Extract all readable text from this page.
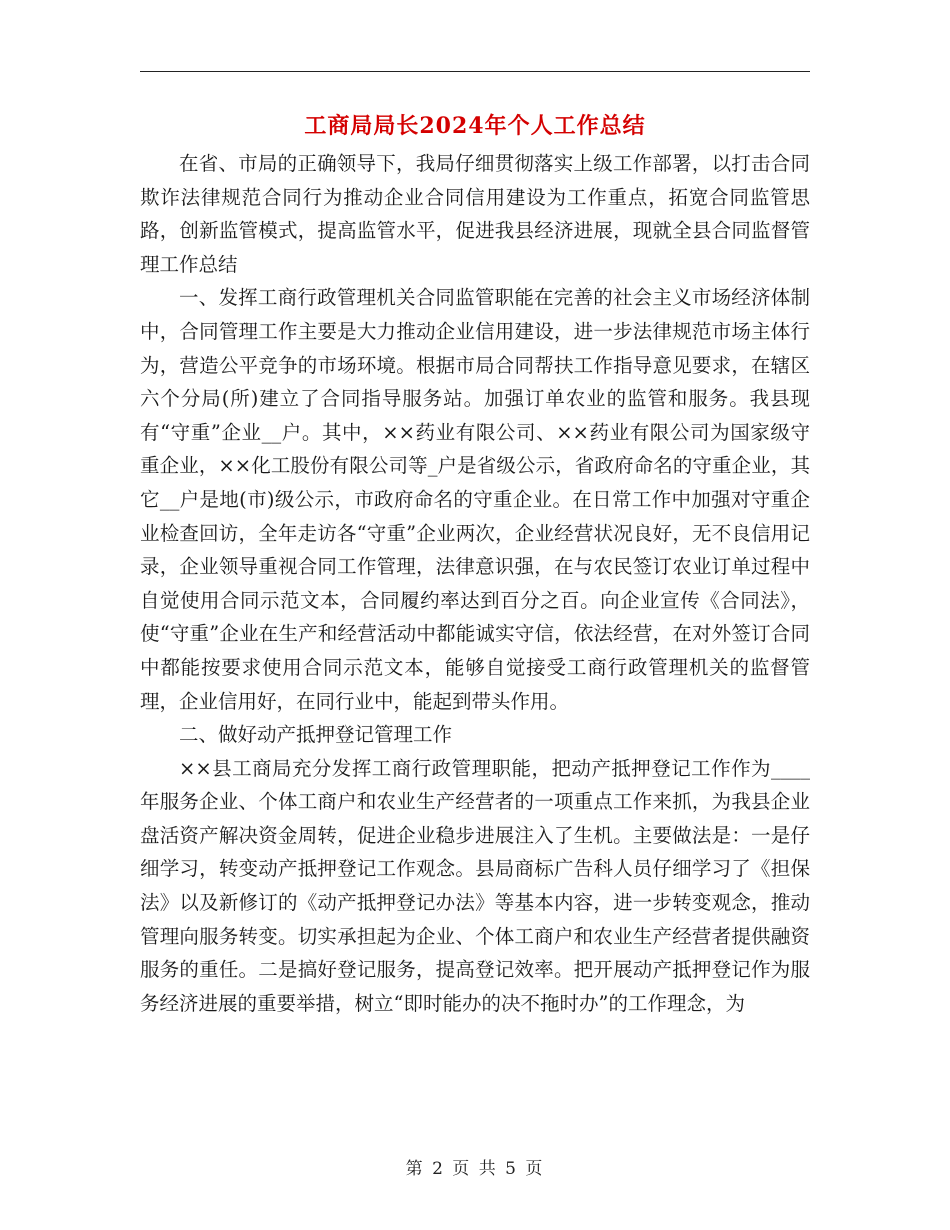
工商局局长2024年个人工作总结

在省、市局的正确领导下，我局仔细贯彻落实上级工作部署，以打击合同欺诈法律规范合同行为推动企业合同信用建设为工作重点，拓宽合同监管思路，创新监管模式，提高监管水平，促进我县经济进展，现就全县合同监督管理工作总结

一、发挥工商行政管理机关合同监管职能在完善的社会主义市场经济体制中，合同管理工作主要是大力推动企业信用建设，进一步法律规范市场主体行为，营造公平竞争的市场环境。根据市局合同帮扶工作指导意见要求，在辖区六个分局(所)建立了合同指导服务站。加强订单农业的监管和服务。我县现有“守重”企业__户。其中，××药业有限公司、××药业有限公司为国家级守重企业，××化工股份有限公司等_户是省级公示，省政府命名的守重企业，其它__户是地(市)级公示，市政府命名的守重企业。在日常工作中加强对守重企业检查回访，全年走访各“守重”企业两次，企业经营状况良好，无不良信用记录，企业领导重视合同工作管理，法律意识强，在与农民签订农业订单过程中自觉使用合同示范文本，合同履约率达到百分之百。向企业宣传《合同法》，使“守重”企业在生产和经营活动中都能诚实守信，依法经营，在对外签订合同中都能按要求使用合同示范文本，能够自觉接受工商行政管理机关的监督管理，企业信用好，在同行业中，能起到带头作用。

二、做好动产抵押登记管理工作

××县工商局充分发挥工商行政管理职能，把动产抵押登记工作作为____年服务企业、个体工商户和农业生产经营者的一项重点工作来抓，为我县企业盘活资产解决资金周转，促进企业稳步进展注入了生机。主要做法是：一是仔细学习，转变动产抵押登记工作观念。县局商标广告科人员仔细学习了《担保法》以及新修订的《动产抵押登记办法》等基本内容，进一步转变观念，推动管理向服务转变。切实承担起为企业、个体工商户和农业生产经营者提供融资服务的重任。二是搞好登记服务，提高登记效率。把开展动产抵押登记作为服务经济进展的重要举措，树立“即时能办的决不拖时办”的工作理念，为

第 2 页 共 5 页
